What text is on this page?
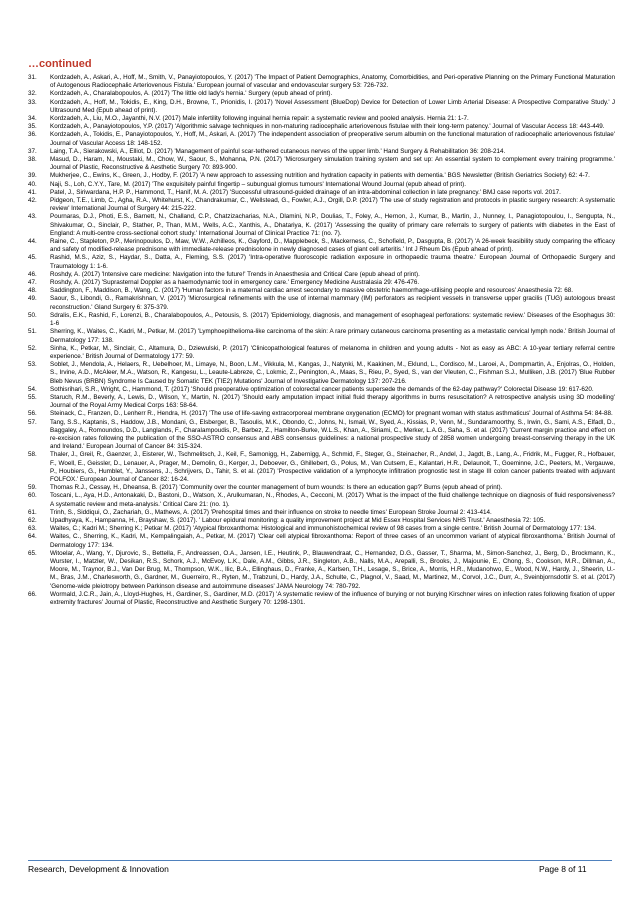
…continued
31.	Kordzadeh, A., Askari, A., Hoff, M., Smith, V., Panayiotopoulos, Y. (2017) 'The Impact of Patient Demographics, Anatomy, Comorbidities, and Peri-operative Planning on the Primary Functional Maturation of Autogenous Radiocephalic Arteriovenous Fistula.' European journal of vascular and endovascular surgery 53: 726-732.
32.	Kordzadeh, A., Charalabopoulos, A. (2017) 'The little old lady's hernia.' Surgery (epub ahead of print).
33.	Kordzadeh, A., Hoff, M., Tokidis, E., King, D.H., Browne, T., Prionidis, I. (2017) 'Novel Assessment (BlueDop) Device for Detection of Lower Limb Arterial Disease: A Prospective Comparative Study.' J Ultrasound Med (Epub ahead of print).
34.	Kordzadeh, A., Liu, M.O., Jayanthi, N.V. (2017) Male infertility following inguinal hernia repair: a systematic review and pooled analysis. Hernia 21: 1-7.
35.	Kordzadeh, A., Panayiotopoulos, Y.P. (2017) 'Algorithmic salvage techniques in non-maturing radiocephalic arteriovenous fistulae with their long-term patency.' Journal of Vascular Access 18: 443-449.
36.	Kordzadeh, A., Tokidis, E., Panayiotopoulos, Y., Hoff, M., Askari, A. (2017) 'The independent association of preoperative serum albumin on the functional maturation of radiocephalic arteriovenous fistulae' Journal of Vascular Access 18: 148-152.
37.	Laing, T.A., Sierakowski, A., Elliot, D. (2017) 'Management of painful scar-tethered cutaneous nerves of the upper limb.' Hand Surgery & Rehabilitation 36: 208-214.
38.	Masud, D., Haram, N., Moustaki, M., Chow, W., Saour, S., Mohanna, P.N. (2017) 'Microsurgery simulation training system and set up: An essential system to complement every training programme.' Journal of Plastic, Reconstructive & Aesthetic Surgery 70: 893-900.
39.	Mukherjee, C., Ewins, K., Green, J., Hodby, F. (2017) 'A new approach to assessing nutrition and hydration capacity in patients with dementia.' BGS Newsletter (British Geriatrics Society) 62: 4-7.
40.	Naji, S., Loh, C.Y.Y., Tare, M. (2017) 'The exquisitely painful fingertip – subungual glomus tumours' International Wound Journal (epub ahead of print).
41.	Patel, J., Siriwardana, H.P. P., Hammond, T., Hanif, M. A. (2017) 'Successful ultrasound-guided drainage of an intra-abdominal collection in late pregnancy.' BMJ case reports vol. 2017.
42.	Pidgeon, T.E., Limb, C., Agha, R.A., Whitehurst, K., Chandrakumar, C., Wellstead, G., Fowler, A.J., Orgill, D.P. (2017) 'The use of study registration and protocols in plastic surgery research: A systematic review' International Journal of Surgery 44: 215-222.
43.	Pournaras, D.J., Photi, E.S., Barnett, N., Challand, C.P., Chatzizacharias, N.A., Dlamini, N.P., Doulias, T., Foley, A., Hernon, J., Kumar, B., Martin, J., Nunney, I., Panagiotopoulou, I., Sengupta, N., Shivakumar, O., Sinclair, P., Stather, P., Than, M.M., Wells, A.C., Xanthis, A., Dhatariya, K. (2017) 'Assessing the quality of primary care referrals to surgery of patients with diabetes in the East of England: A multi-centre cross-sectional cohort study.' International Journal of Clinical Practice 71: (no. 7).
44.	Raine, C., Stapleton, P.P., Merinopoulos, D., Maw, W.W., Achilleos, K., Gayford, D., Mapplebeck, S., Mackerness, C., Schofield, P., Dasgupta, B. (2017) 'A 26-week feasibility study comparing the efficacy and safety of modified-release prednisone with immediate-release prednisolone in newly diagnosed cases of giant cell arteritis.' Int J Rheum Dis (Epub ahead of print).
45.	Rashid, M.S., Aziz, S., Haydar, S., Datta, A., Fleming, S.S. (2017) 'Intra-operative fluoroscopic radiation exposure in orthopaedic trauma theatre.' European Journal of Orthopaedic Surgery and Traumatology 1: 1-6.
46.	Roshdy, A. (2017) 'Intensive care medicine: Navigation into the future!' Trends in Anaesthesia and Critical Care (epub ahead of print).
47.	Roshdy, A. (2017) 'Suprasternal Doppler as a haemodynamic tool in emergency care.' Emergency Medicine Australasia 29: 476-476.
48.	Saddington, F., Maddison, B., Wang, C. (2017) 'Human factors in a maternal cardiac arrest secondary to massive obstetric haemorrhage-utilising people and resources' Anaesthesia 72: 68.
49.	Saour, S., Libondi, G., Ramakrishnan, V. (2017) 'Microsurgical refinements with the use of internal mammary (IM) perforators as recipient vessels in transverse upper gracilis (TUG) autologous breast reconstruction.' Gland Surgery 6: 375-379.
50.	Sdralis, E.K., Rashid, F., Lorenzi, B., Charalabopoulos, A., Petousis, S. (2017) 'Epidemiology, diagnosis, and management of esophageal perforations: systematic review.' Diseases of the Esophagus 30: 1-6
51.	Sherring, K., Waites, C., Kadri, M., Petkar, M. (2017) 'Lymphoepithelioma-like carcinoma of the skin: A rare primary cutaneous carcinoma presenting as a metastatic cervical lymph node.' British Journal of Dermatology 177: 138.
52.	Sinha, K., Petkar, M., Sinclair, C., Altamura, D., Dziewulski, P. (2017) 'Clinicopathological features of melanoma in children and young adults - Not as easy as ABC: A 10-year tertiary referral centre experience.' British Journal of Dermatology 177: 59.
53.	Soblet, J., Mendola, A., Helaers, R., Uebelhoer, M., Limaye, N., Boon, L.M., Vikkula, M., Kangas, J., Natynki, M., Kaakinen, M., Eklund, L., Cordisco, M., Laroei, A., Dompmartin, A., Enjolras, O., Holden, S., Irvine, A.D., McAleer, M.A., Watson, R., Kangesu, L., Leaute-Labreze, C., Lokmic, Z., Penington, A., Maas, S., Rieu, P., Syed, S., van der Vleuten, C., Fishman S.J., Mulliken, J.B. (2017) 'Blue Rubber Bleb Nevus (BRBN) Syndrome Is Caused by Somatic TEK (TIE2) Mutations' Journal of Investigative Dermatology 137: 207-216.
54.	Sothisrihari, S.R., Wright, C., Hammond, T. (2017) 'Should preoperative optimization of colorectal cancer patients supersede the demands of the 62-day pathway?' Colorectal Disease 19: 617-620.
55.	Staruch, R.M., Beverly, A., Lewis, D., Wilson, Y., Martin, N. (2017) 'Should early amputation impact initial fluid therapy algorithms in burns resuscitation? A retrospective analysis using 3D modelling' Journal of the Royal Army Medical Corps 163: 58-64.
56.	Steinack, C., Franzen, D., Lenherr R., Hendra, H. (2017) 'The use of life-saving extracorporeal membrane oxygenation (ECMO) for pregnant woman with status asthmaticus' Journal of Asthma 54: 84-88.
57.	Tang, S.S., Kaptanis, S., Haddow, J.B., Mondani, G., Elsberger, B., Tasoulis, M.K., Obondo, C., Johns, N., Ismail, W., Syed, A., Kissias, P., Venn, M., Sundaramoorthy, S., Irwin, G., Sami, A.S., Elfadl, D., Baggaley, A., Romoundos, D.D., Langlands, F., Charalampoudis, P., Barbez, Z., Hamilton-Burke, W.L.S., Khan, A., Siriami, C., Merker, L.A.G., Saha, S. et al. (2017) 'Current margin practice and effect on re-excision rates following the publication of the SSO-ASTRO consensus and ABS consensus guidelines: a national prospective study of 2858 women undergoing breast-conserving therapy in the UK and Ireland.' European Journal of Cancer 84: 315-324.
58.	Thaler, J., Greil, R., Gaenzer, J., Eisterer, W., Tschmelitsch, J., Keil, F., Samonigg, H., Zabernigg, A., Schmid, F., Steger, G., Steinacher, R., Andel, J., Jagdt, B., Lang, A., Fridrik, M., Fugger, R., Hofbauer, F., Woell, E., Geissler, D., Lenauer, A., Prager, M., Demolin, G., Kerger, J., Deboever, G., Ghillebert, G., Polus, M., Van Cutsem, E., Kalantari, H.R., Delaunoit, T., Goeminne, J.C., Peeters, M., Vergauwe, P., Houbiers, G., Humblet, Y., Janssens, J., Schrijvers, D., Tahir, S. et al. (2017) 'Prospective validation of a lymphocyte infiltration prognostic test in stage III colon cancer patients treated with adjuvant FOLFOX.' European Journal of Cancer 82: 16-24.
59.	Thomas R.J., Cessay, H., Dheansa, B. (2017) 'Community over the counter management of burn wounds: Is there an education gap?' Burns (epub ahead of print).
60.	Toscani, L., Aya, H.D., Antonakaki, D., Bastoni, D., Watson, X., Arulkumaran, N., Rhodes, A., Cecconi, M. (2017) 'What is the impact of the fluid challenge technique on diagnosis of fluid responsiveness? A systematic review and meta-analysis.' Critical Care 21: (no. 1).
61.	Trinh, S., Siddiqui, O., Zachariah, G., Mathews, A. (2017) 'Prehospital times and their influence on stroke to needle times' European Stroke Journal 2: 413-414.
62.	Upadhyaya, K., Hampanna, H., Brayshaw, S. (2017). ' Labour epidural monitoring: a quality improvement project at Mid Essex Hospital Services NHS Trust.' Anaesthesia 72: 105.
63.	Waites, C.; Kadri M.; Sherring K.; Petkar M. (2017) 'Atypical fibroxanthoma: Histological and immunohistochemical review of 98 cases from a single centre.' British Journal of Dermatology 177: 134.
64.	Waites, C., Sherring, K., Kadri, M., Kempalingaiah, A., Petkar, M. (2017) 'Clear cell atypical fibroxanthoma: Report of three cases of an uncommon variant of atypical fibroxanthoma.' British Journal of Dermatology 177: 134.
65.	Witoelar, A., Wang, Y., Djurovic, S., Bettella, F., Andreassen, O.A., Jansen, I.E., Heutink, P., Blauwendraat, C., Hernandez, D.G., Gasser, T., Sharma, M., Simon-Sanchez, J., Berg, D., Brockmann, K., Wurster, I., Matzler, W., Desikan, R.S., Schork, A.J., McEvoy, L.K., Dale, A.M., Gibbs, J.R., Singleton, A.B., Nalls, M.A., Arepalli, S., Brooks, J., Majounie, E., Chong, S., Cookson, M.R., Dillman, A., Moore, M., Traynor, B.J., Van Der Brug, M., Thompson, W.K., Ilic, B.A., Ellinghaus, D., Franke, A., Karlsen, T.H., Lesage, S., Brice, A., Morris, H.R., Mudanohwo, E., Wood, N.W., Hardy, J., Sheerin, U.-M., Bras, J.M., Charlesworth, G., Gardner, M., Guerreiro, R., Ryten, M., Trabzuni, D., Hardy, J.A., Schulte, C., Plagnol, V., Saad, M., Martinez, M., Corvol, J.C., Durr, A., Sveinbjornsdottir S. et al. (2017) 'Genome-wide pleiotropy between Parkinson disease and autoimmune diseases' JAMA Neurology 74: 780-792.
66.	Wormald, J.C.R., Jain, A., Lloyd-Hughes, H., Gardiner, S., Gardiner, M.D. (2017) 'A systematic review of the influence of burying or not burying Kirschner wires on infection rates following fixation of upper extremity fractures' Journal of Plastic, Reconstructive and Aesthetic Surgery 70: 1298-1301.
Research, Development & Innovation	Page 8 of 11
